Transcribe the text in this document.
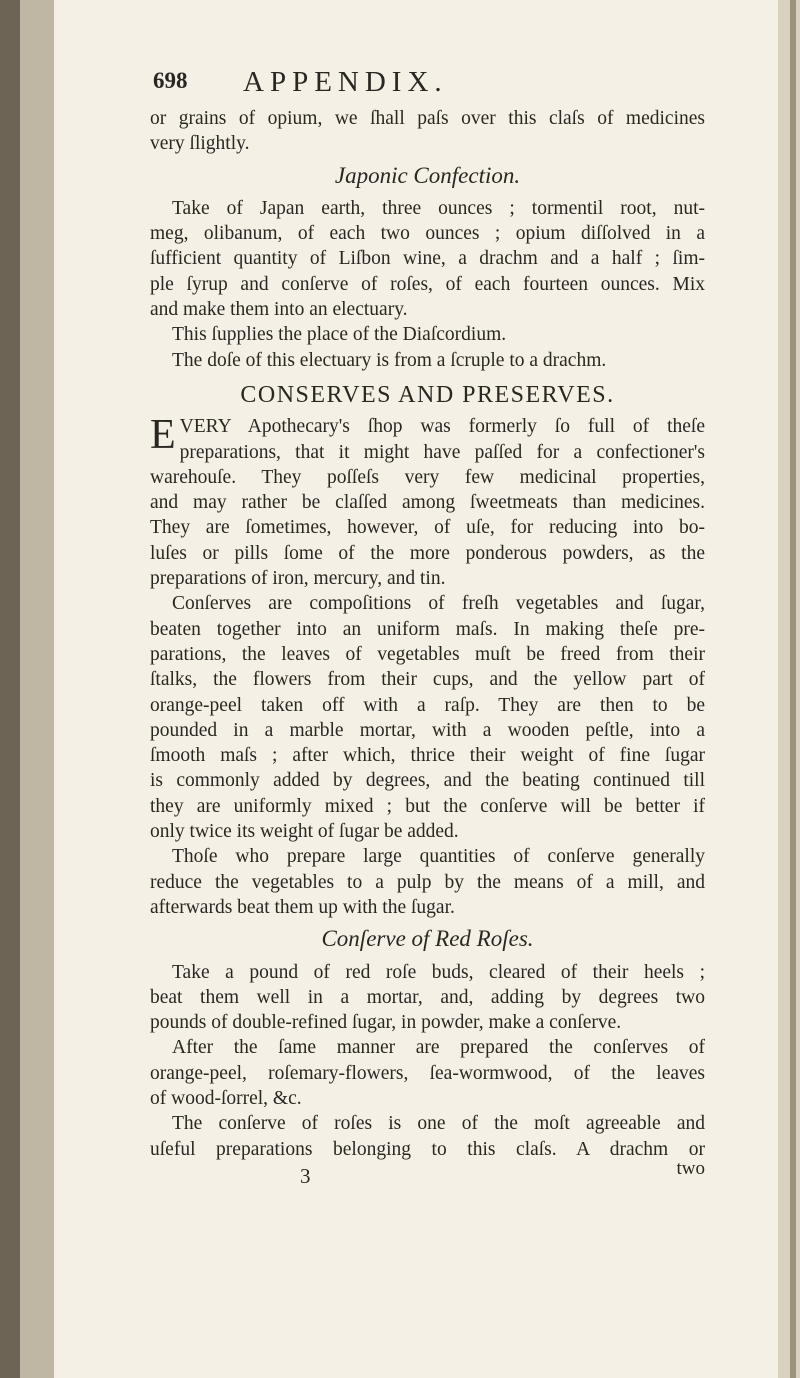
698 APPENDIX.
or grains of opium, we ſhall paſs over this claſs of medicines
very ſlightly.
Japonic Confection.
Take of Japan earth, three ounces ; tormentil root, nut-
meg, olibanum, of each two ounces ; opium diſſolved in a
ſufficient quantity of Liſbon wine, a drachm and a half ; ſim-
ple ſyrup and conſerve of roſes, of each fourteen ounces. Mix
and make them into an electuary.
This ſupplies the place of the Diaſcordium.
The doſe of this electuary is from a ſcruple to a drachm.
CONSERVES AND PRESERVES.
E VERY Apothecary's ſhop was formerly ſo full of theſe
preparations, that it might have paſſed for a confectioner's
warehouſe. They poſſeſs very few medicinal properties,
and may rather be claſſed among ſweetmeats than medicines.
They are ſometimes, however, of uſe, for reducing into bo-
luſes or pills ſome of the more ponderous powders, as the
preparations of iron, mercury, and tin.
Conſerves are compoſitions of freſh vegetables and ſugar,
beaten together into an uniform maſs. In making theſe pre-
parations, the leaves of vegetables muſt be freed from their
ſtalks, the flowers from their cups, and the yellow part of
orange-peel taken off with a raſp. They are then to be
pounded in a marble mortar, with a wooden peſtle, into a
ſmooth maſs ; after which, thrice their weight of fine ſugar
is commonly added by degrees, and the beating continued till
they are uniformly mixed ; but the conſerve will be better if
only twice its weight of ſugar be added.
Thoſe who prepare large quantities of conſerve generally
reduce the vegetables to a pulp by the means of a mill, and
afterwards beat them up with the ſugar.
Conſerve of Red Roſes.
Take a pound of red roſe buds, cleared of their heels ;
beat them well in a mortar, and, adding by degrees two
pounds of double-refined ſugar, in powder, make a conſerve.
After the ſame manner are prepared the conſerves of
orange-peel, roſemary-flowers, ſea-wormwood, of the leaves
of wood-ſorrel, &c.
The conſerve of roſes is one of the moſt agreeable and
uſeful preparations belonging to this claſs. A drachm or
3	two
